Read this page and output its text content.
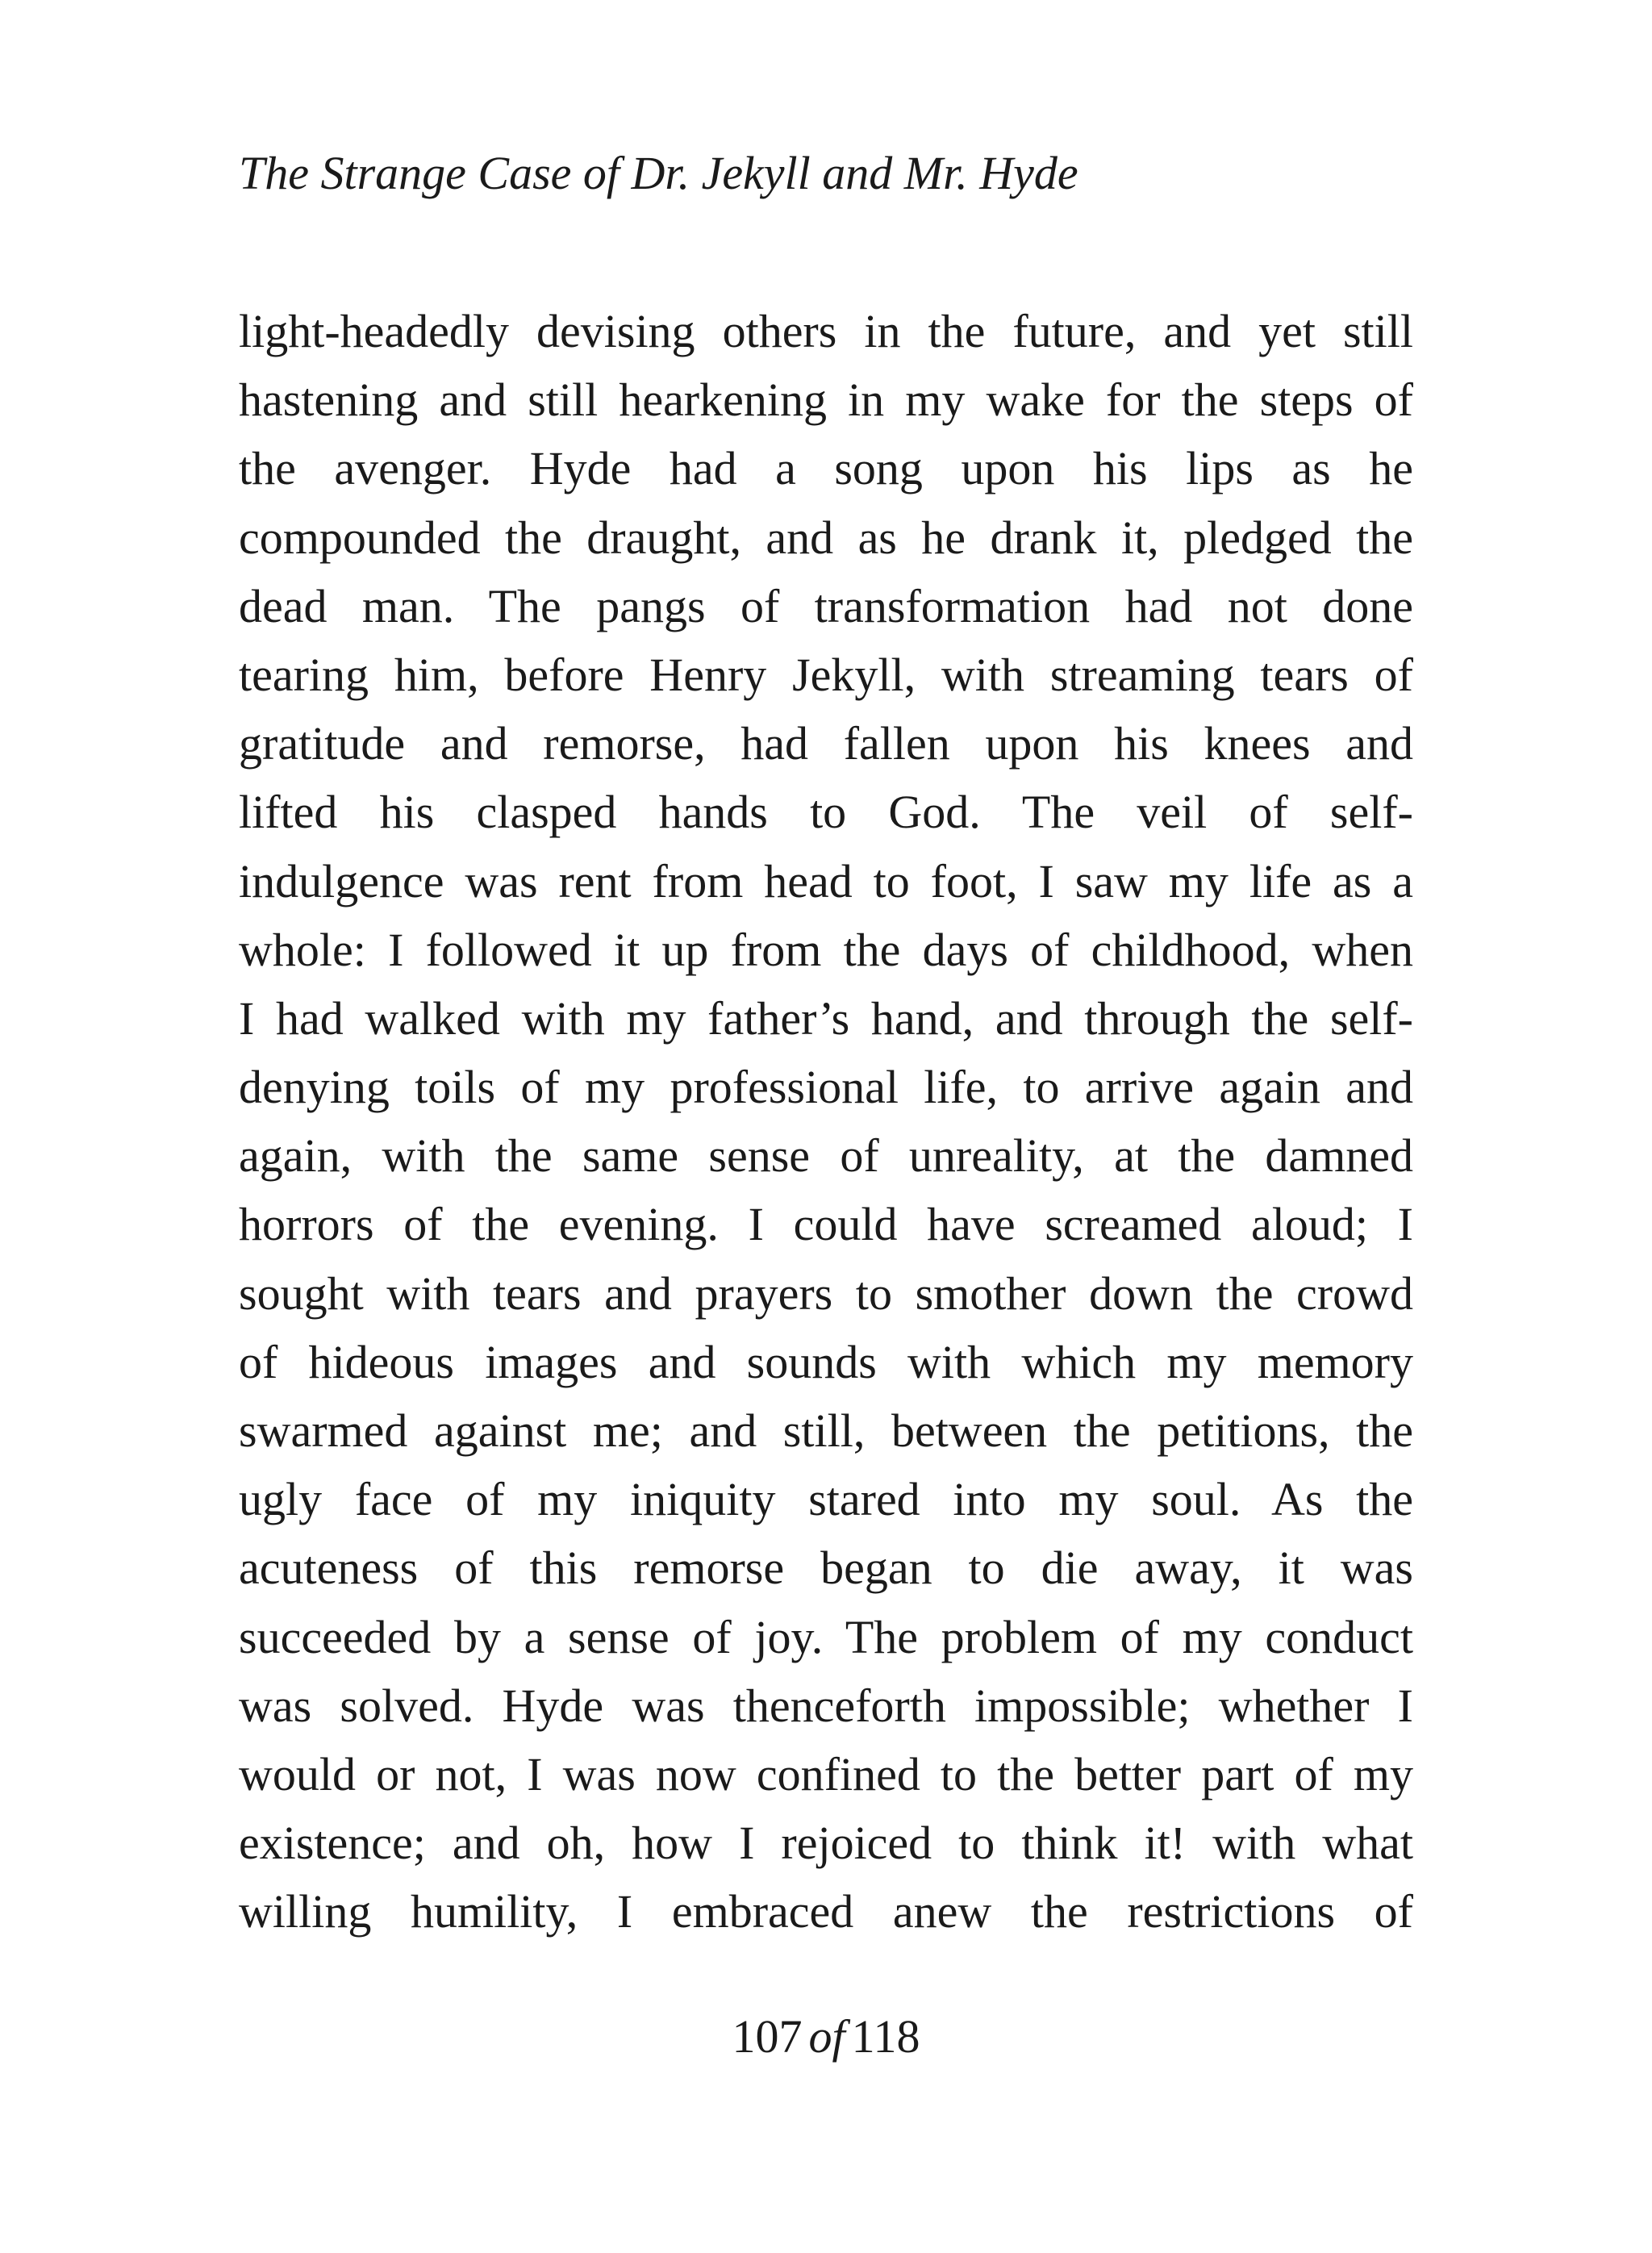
The Strange Case of Dr. Jekyll and Mr. Hyde
light-headedly devising others in the future, and yet still
hastening and still hearkening in my wake for the steps of
the avenger. Hyde had a song upon his lips as he
compounded the draught, and as he drank it, pledged the
dead man. The pangs of transformation had not done
tearing him, before Henry Jekyll, with streaming tears of
gratitude and remorse, had fallen upon his knees and
lifted his clasped hands to God. The veil of self-
indulgence was rent from head to foot, I saw my life as a
whole: I followed it up from the days of childhood, when
I had walked with my father’s hand, and through the self-
denying toils of my professional life, to arrive again and
again, with the same sense of unreality, at the damned
horrors of the evening. I could have screamed aloud; I
sought with tears and prayers to smother down the crowd
of hideous images and sounds with which my memory
swarmed against me; and still, between the petitions, the
ugly face of my iniquity stared into my soul. As the
acuteness of this remorse began to die away, it was
succeeded by a sense of joy. The problem of my conduct
was solved. Hyde was thenceforth impossible; whether I
would or not, I was now confined to the better part of my
existence; and oh, how I rejoiced to think it! with what
willing humility, I embraced anew the restrictions of
107 of 118
